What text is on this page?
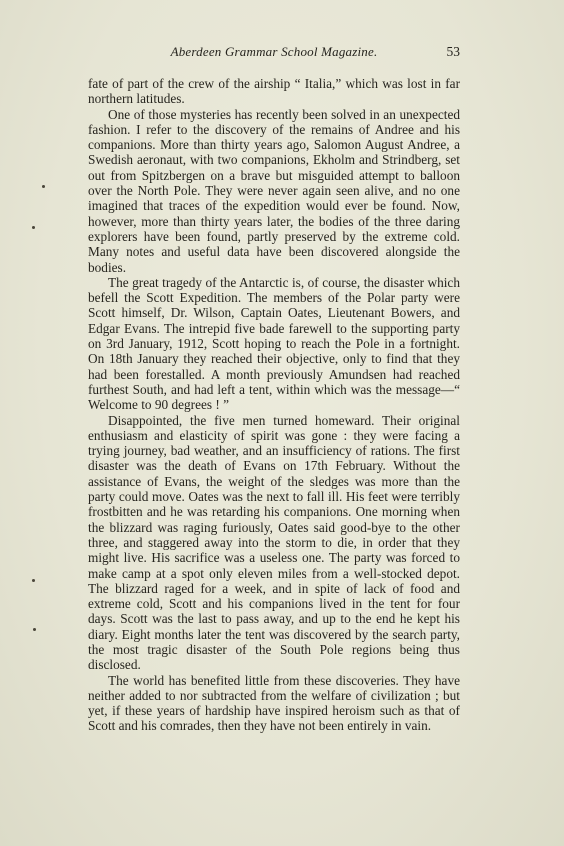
Aberdeen Grammar School Magazine.	53

fate of part of the crew of the airship “ Italia,” which was lost in far northern latitudes.

One of those mysteries has recently been solved in an unexpected fashion. I refer to the discovery of the remains of Andree and his companions. More than thirty years ago, Salomon August Andree, a Swedish aeronaut, with two companions, Ekholm and Strindberg, set out from Spitzbergen on a brave but misguided attempt to balloon over the North Pole. They were never again seen alive, and no one imagined that traces of the expedition would ever be found. Now, however, more than thirty years later, the bodies of the three daring explorers have been found, partly preserved by the extreme cold. Many notes and useful data have been discovered alongside the bodies.

The great tragedy of the Antarctic is, of course, the disaster which befell the Scott Expedition. The members of the Polar party were Scott himself, Dr. Wilson, Captain Oates, Lieutenant Bowers, and Edgar Evans. The intrepid five bade farewell to the supporting party on 3rd January, 1912, Scott hoping to reach the Pole in a fortnight. On 18th January they reached their objective, only to find that they had been forestalled. A month previously Amundsen had reached furthest South, and had left a tent, within which was the message—“ Welcome to 90 degrees ! ”

Disappointed, the five men turned homeward. Their original enthusiasm and elasticity of spirit was gone : they were facing a trying journey, bad weather, and an insufficiency of rations. The first disaster was the death of Evans on 17th February. Without the assistance of Evans, the weight of the sledges was more than the party could move. Oates was the next to fall ill. His feet were terribly frostbitten and he was retarding his companions. One morning when the blizzard was raging furiously, Oates said good-bye to the other three, and staggered away into the storm to die, in order that they might live. His sacrifice was a useless one. The party was forced to make camp at a spot only eleven miles from a well-stocked depot. The blizzard raged for a week, and in spite of lack of food and extreme cold, Scott and his companions lived in the tent for four days. Scott was the last to pass away, and up to the end he kept his diary. Eight months later the tent was discovered by the search party, the most tragic disaster of the South Pole regions being thus disclosed.

The world has benefited little from these discoveries. They have neither added to nor subtracted from the welfare of civilization ; but yet, if these years of hardship have inspired heroism such as that of Scott and his comrades, then they have not been entirely in vain.
